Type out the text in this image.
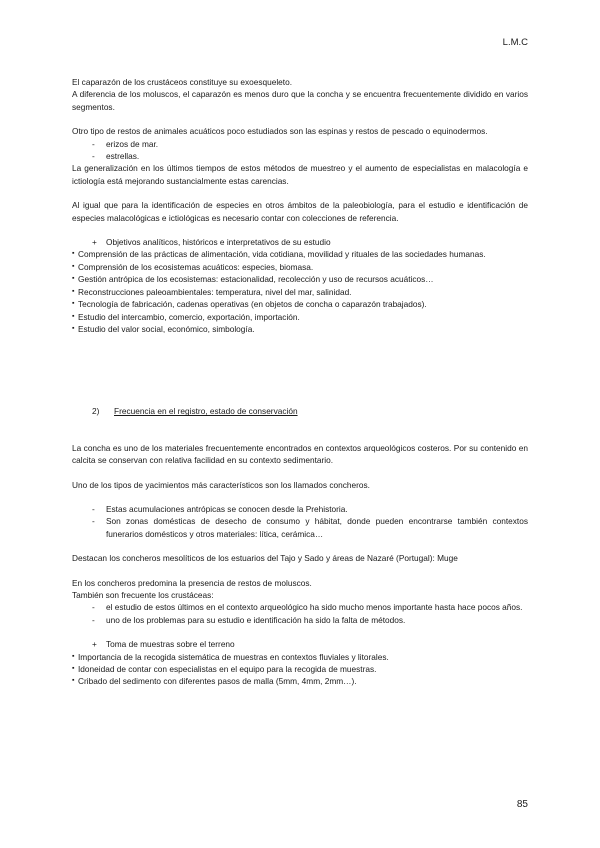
L.M.C

El caparazón de los crustáceos constituye su exoesqueleto.

A diferencia de los moluscos, el caparazón es menos duro que la concha y se encuentra frecuentemente dividido en varios segmentos.

Otro tipo de restos de animales acuáticos poco estudiados son las espinas y restos de pescado o equinodermos.

- erizos de mar.

- estrellas.

La generalización en los últimos tiempos de estos métodos de muestreo y el aumento de especialistas en malacología e ictiología está mejorando sustancialmente estas carencias.

Al igual que para la identificación de especies en otros ámbitos de la paleobiología, para el estudio e identificación de especies malacológicas e ictiológicas es necesario contar con colecciones de referencia.

+ Objetivos analíticos, históricos e interpretativos de su estudio

▪ Comprensión de las prácticas de alimentación, vida cotidiana, movilidad y rituales de las sociedades humanas.

▪ Comprensión de los ecosistemas acuáticos: especies, biomasa.

▪ Gestión antrópica de los ecosistemas: estacionalidad, recolección y uso de recursos acuáticos…

▪ Reconstrucciones paleoambientales: temperatura, nivel del mar, salinidad.

▪ Tecnología de fabricación, cadenas operativas (en objetos de concha o caparazón trabajados).

▪ Estudio del intercambio, comercio, exportación, importación.

▪ Estudio del valor social, económico, simbología.

2) Frecuencia en el registro, estado de conservación

La concha es uno de los materiales frecuentemente encontrados en contextos arqueológicos costeros. Por su contenido en calcita se conservan con relativa facilidad en su contexto sedimentario.

Uno de los tipos de yacimientos más característicos son los llamados concheros.

- Estas acumulaciones antrópicas se conocen desde la Prehistoria.

- Son zonas domésticas de desecho de consumo y hábitat, donde pueden encontrarse también contextos funerarios domésticos y otros materiales: lítica, cerámica…

Destacan los concheros mesolíticos de los estuarios del Tajo y Sado y áreas de Nazaré (Portugal): Muge

En los concheros predomina la presencia de restos de moluscos.

También son frecuente los crustáceas:

- el estudio de estos últimos en el contexto arqueológico ha sido mucho menos importante hasta hace pocos años.

- uno de los problemas para su estudio e identificación ha sido la falta de métodos.

+ Toma de muestras sobre el terreno

▪ Importancia de la recogida sistemática de muestras en contextos fluviales y litorales.

▪ Idoneidad de contar con especialistas en el equipo para la recogida de muestras.

▪ Cribado del sedimento con diferentes pasos de malla (5mm, 4mm, 2mm…).

85
